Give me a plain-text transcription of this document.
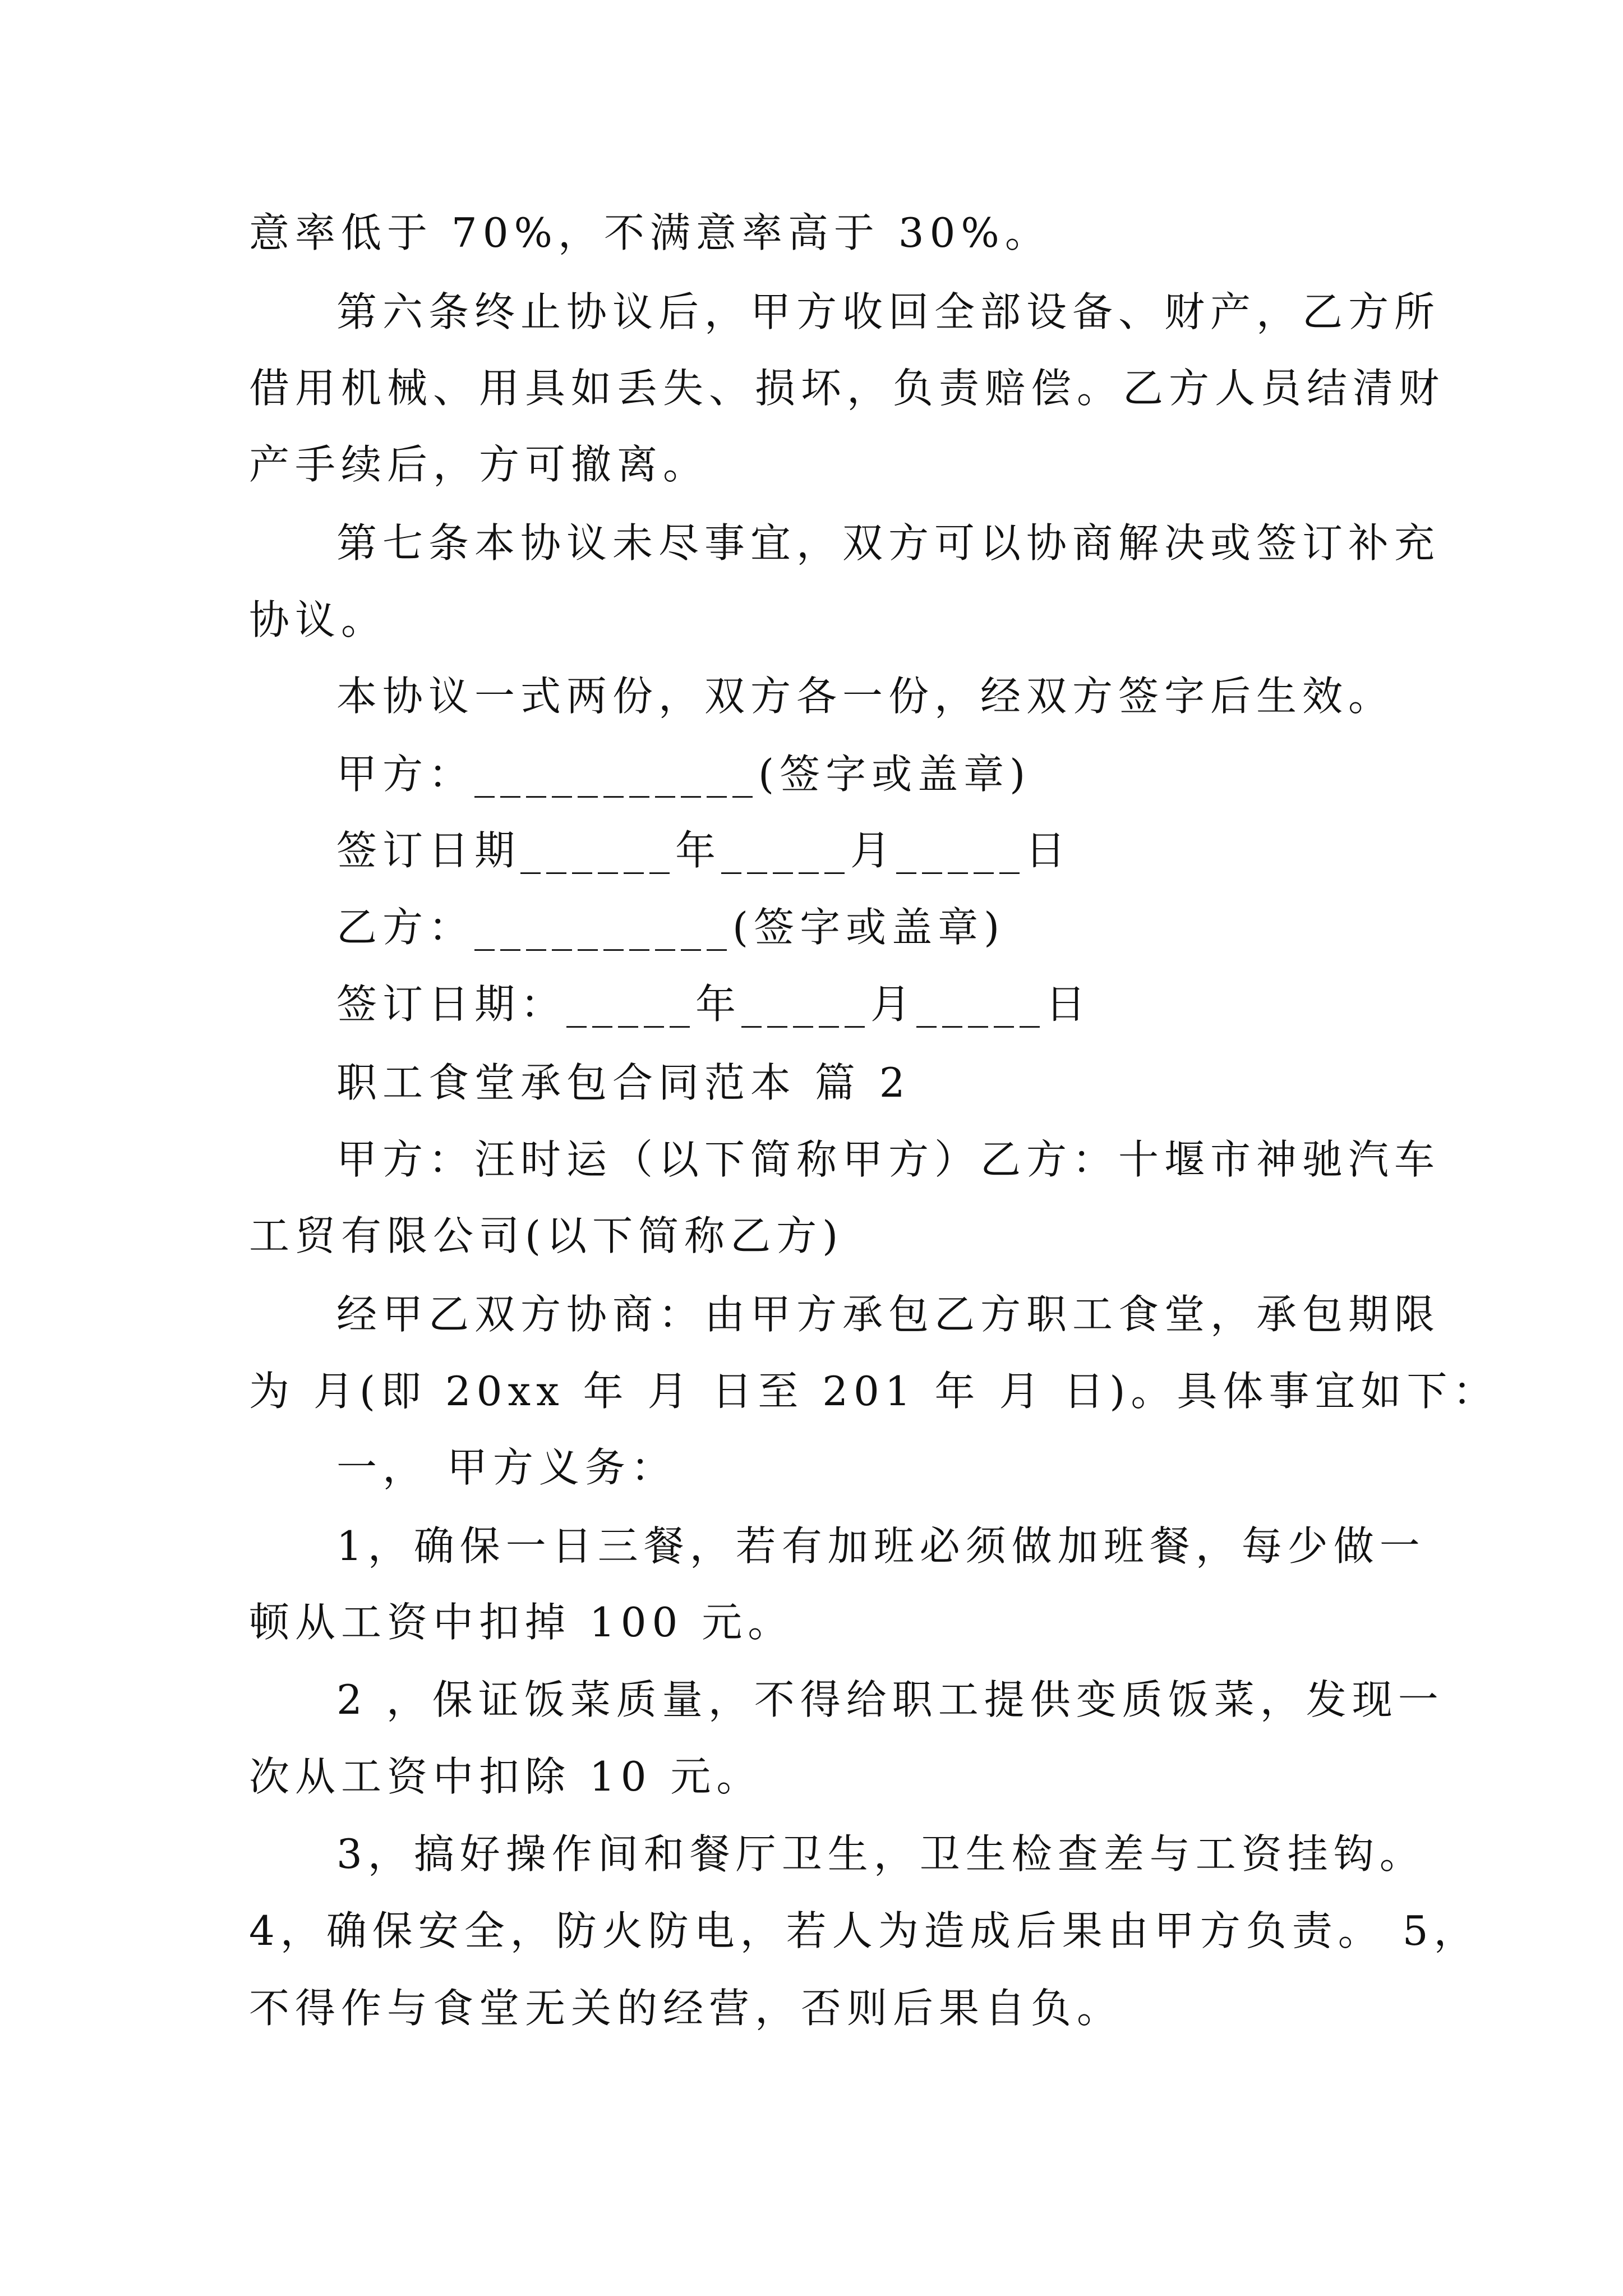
意率低于 70%，不满意率高于 30%。
第六条终止协议后，甲方收回全部设备、财产，乙方所
借用机械、用具如丢失、损坏，负责赔偿。乙方人员结清财
产手续后，方可撤离。
第七条本协议未尽事宜，双方可以协商解决或签订补充
协议。
本协议一式两份，双方各一份，经双方签字后生效。
甲方：___________(签字或盖章)
签订日期______年_____月_____日
乙方：__________(签字或盖章)
签订日期：_____年_____月_____日
职工食堂承包合同范本 篇 2
甲方：汪时运（以下简称甲方）乙方：十堰市神驰汽车
工贸有限公司(以下简称乙方)
经甲乙双方协商：由甲方承包乙方职工食堂，承包期限
为 月(即 20xx 年 月 日至 201 年 月 日)。具体事宜如下：
一， 甲方义务：
1，确保一日三餐，若有加班必须做加班餐，每少做一
顿从工资中扣掉 100 元。
2 ，保证饭菜质量，不得给职工提供变质饭菜，发现一
次从工资中扣除 10 元。
3，搞好操作间和餐厅卫生，卫生检查差与工资挂钩。
4，确保安全，防火防电，若人为造成后果由甲方负责。 5，
不得作与食堂无关的经营，否则后果自负。
